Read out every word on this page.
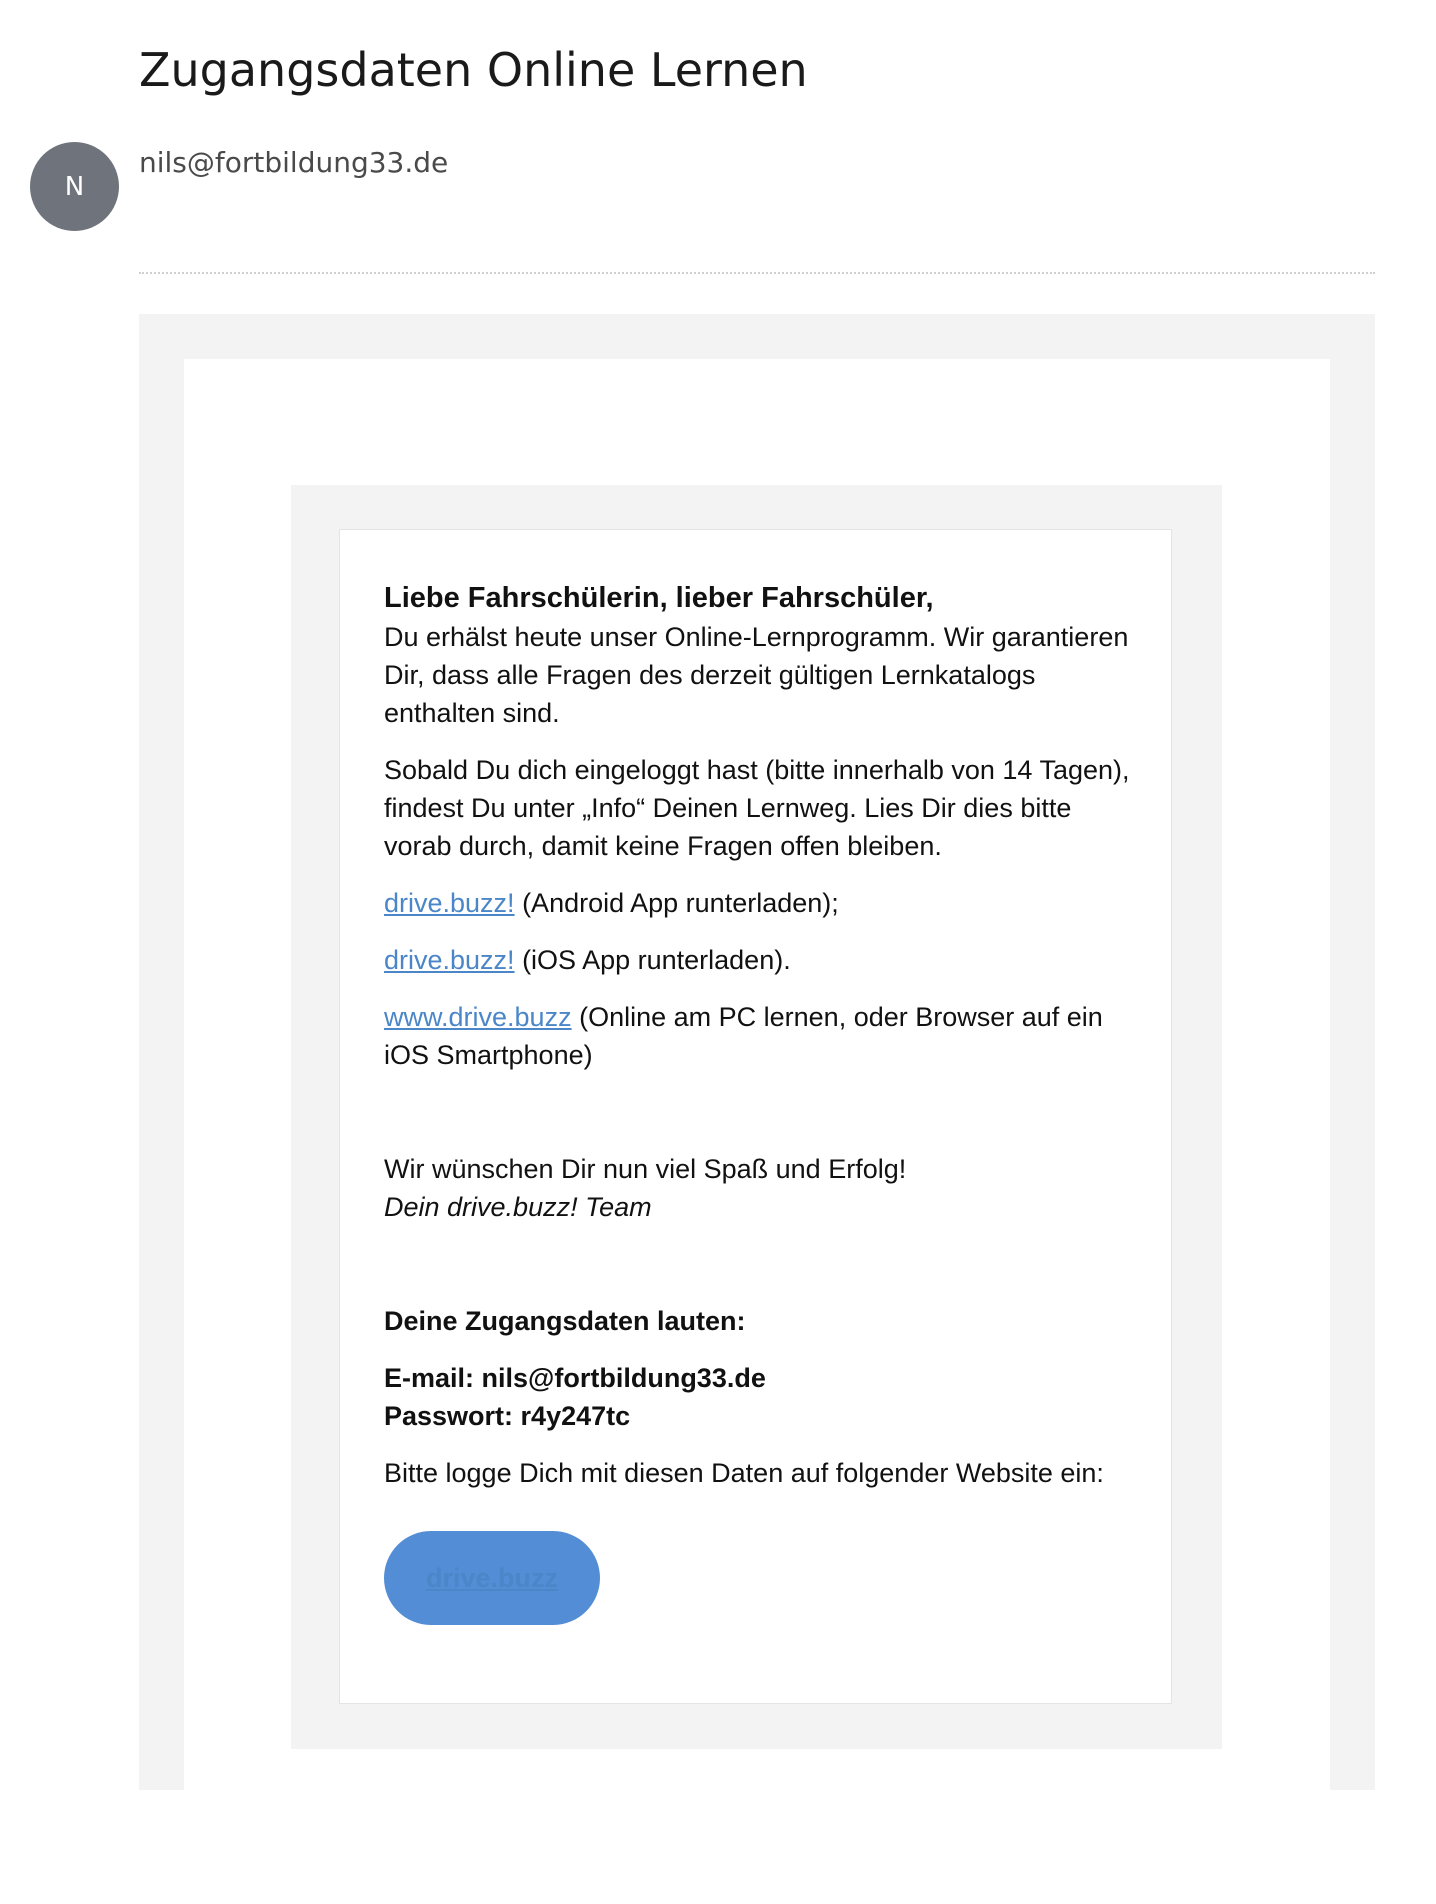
Zugangsdaten Online Lernen
N
nils@fortbildung33.de

Liebe Fahrschülerin, lieber Fahrschüler,
Du erhälst heute unser Online-Lernprogramm. Wir garantieren Dir, dass alle Fragen des derzeit gültigen Lernkatalogs enthalten sind.

Sobald Du dich eingeloggt hast (bitte innerhalb von 14 Tagen), findest Du unter „Info“ Deinen Lernweg. Lies Dir dies bitte vorab durch, damit keine Fragen offen bleiben.

drive.buzz! (Android App runterladen);

drive.buzz! (iOS App runterladen).

www.drive.buzz (Online am PC lernen, oder Browser auf ein iOS Smartphone)

Wir wünschen Dir nun viel Spaß und Erfolg!
Dein drive.buzz! Team

Deine Zugangsdaten lauten:

E-mail: nils@fortbildung33.de
Passwort: r4y247tc

Bitte logge Dich mit diesen Daten auf folgender Website ein:

drive.buzz
